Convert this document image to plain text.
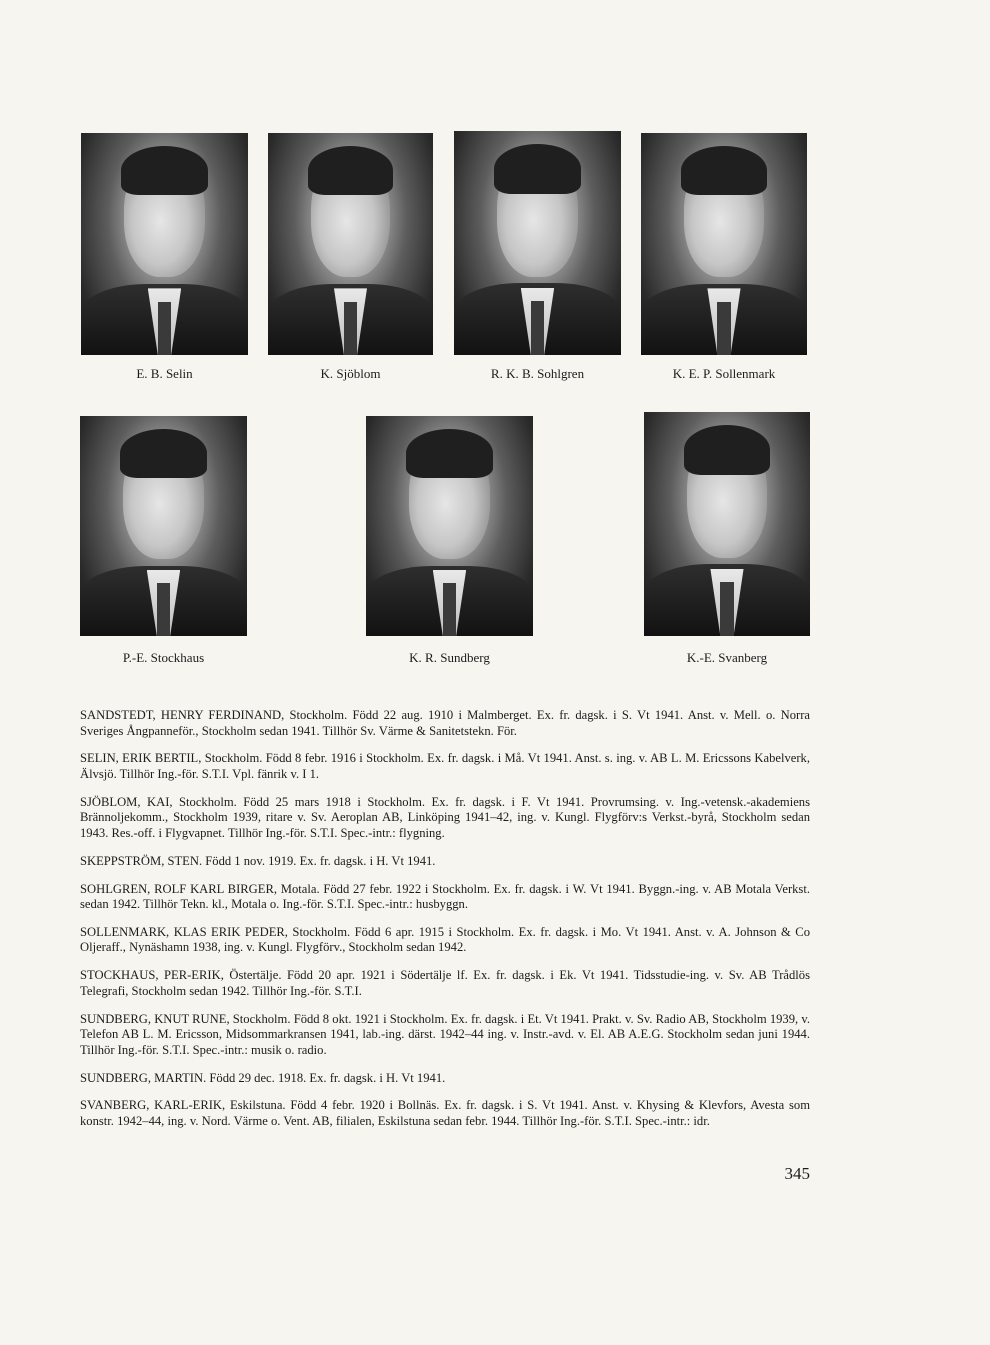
E. B. Selin	K. Sjöblom	R. K. B. Sohlgren	K. E. P. Sollenmark
P.-E. Stockhaus	K. R. Sundberg	K.-E. Svanberg

SANDSTEDT, HENRY FERDINAND, Stockholm. Född 22 aug. 1910 i Malmberget. Ex. fr. dagsk. i S. Vt 1941. Anst. v. Mell. o. Norra Sveriges Ångpanneför., Stockholm sedan 1941. Tillhör Sv. Värme & Sanitetstekn. För.

SELIN, ERIK BERTIL, Stockholm. Född 8 febr. 1916 i Stockholm. Ex. fr. dagsk. i Må. Vt 1941. Anst. s. ing. v. AB L. M. Ericssons Kabelverk, Älvsjö. Tillhör Ing.-för. S.T.I. Vpl. fänrik v. I 1.

SJÖBLOM, KAI, Stockholm. Född 25 mars 1918 i Stockholm. Ex. fr. dagsk. i F. Vt 1941. Provrumsing. v. Ing.-vetensk.-akademiens Brännoljekomm., Stockholm 1939, ritare v. Sv. Aeroplan AB, Linköping 1941–42, ing. v. Kungl. Flygförv:s Verkst.-byrå, Stockholm sedan 1943. Res.-off. i Flygvapnet. Tillhör Ing.-för. S.T.I. Spec.-intr.: flygning.

SKEPPSTRÖM, STEN. Född 1 nov. 1919. Ex. fr. dagsk. i H. Vt 1941.

SOHLGREN, ROLF KARL BIRGER, Motala. Född 27 febr. 1922 i Stockholm. Ex. fr. dagsk. i W. Vt 1941. Byggn.-ing. v. AB Motala Verkst. sedan 1942. Tillhör Tekn. kl., Motala o. Ing.-för. S.T.I. Spec.-intr.: husbyggn.

SOLLENMARK, KLAS ERIK PEDER, Stockholm. Född 6 apr. 1915 i Stockholm. Ex. fr. dagsk. i Mo. Vt 1941. Anst. v. A. Johnson & Co Oljeraff., Nynäshamn 1938, ing. v. Kungl. Flygförv., Stockholm sedan 1942.

STOCKHAUS, PER-ERIK, Östertälje. Född 20 apr. 1921 i Södertälje lf. Ex. fr. dagsk. i Ek. Vt 1941. Tidsstudie-ing. v. Sv. AB Trådlös Telegrafi, Stockholm sedan 1942. Tillhör Ing.-för. S.T.I.

SUNDBERG, KNUT RUNE, Stockholm. Född 8 okt. 1921 i Stockholm. Ex. fr. dagsk. i Et. Vt 1941. Prakt. v. Sv. Radio AB, Stockholm 1939, v. Telefon AB L. M. Ericsson, Midsommarkransen 1941, lab.-ing. därst. 1942–44 ing. v. Instr.-avd. v. El. AB A.E.G. Stockholm sedan juni 1944. Tillhör Ing.-för. S.T.I. Spec.-intr.: musik o. radio.

SUNDBERG, MARTIN. Född 29 dec. 1918. Ex. fr. dagsk. i H. Vt 1941.

SVANBERG, KARL-ERIK, Eskilstuna. Född 4 febr. 1920 i Bollnäs. Ex. fr. dagsk. i S. Vt 1941. Anst. v. Khysing & Klevfors, Avesta som konstr. 1942–44, ing. v. Nord. Värme o. Vent. AB, filialen, Eskilstuna sedan febr. 1944. Tillhör Ing.-för. S.T.I. Spec.-intr.: idr.

345
